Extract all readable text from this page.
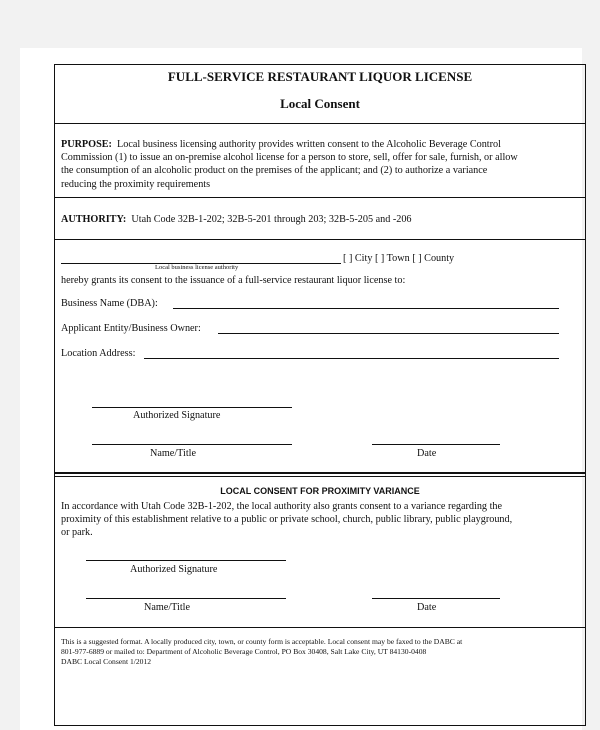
FULL-SERVICE RESTAURANT LIQUOR LICENSE
Local Consent
PURPOSE: Local business licensing authority provides written consent to the Alcoholic Beverage Control
Commission (1) to issue an on-premise alcohol license for a person to store, sell, offer for sale, furnish, or allow
the consumption of an alcoholic product on the premises of the applicant; and (2) to authorize a variance
reducing the proximity requirements
AUTHORITY: Utah Code 32B-1-202; 32B-5-201 through 203; 32B-5-205 and -206
[ ] City [ ] Town [ ] County
Local business license authority
hereby grants its consent to the issuance of a full-service restaurant liquor license to:
Business Name (DBA):
Applicant Entity/Business Owner:
Location Address:
Authorized Signature
Name/Title	Date
LOCAL CONSENT FOR PROXIMITY VARIANCE
In accordance with Utah Code 32B-1-202, the local authority also grants consent to a variance regarding the
proximity of this establishment relative to a public or private school, church, public library, public playground,
or park.
Authorized Signature
Name/Title	Date
This is a suggested format. A locally produced city, town, or county form is acceptable. Local consent may be faxed to the DABC at
801-977-6889 or mailed to: Department of Alcoholic Beverage Control, PO Box 30408, Salt Lake City, UT 84130-0408
DABC Local Consent 1/2012
